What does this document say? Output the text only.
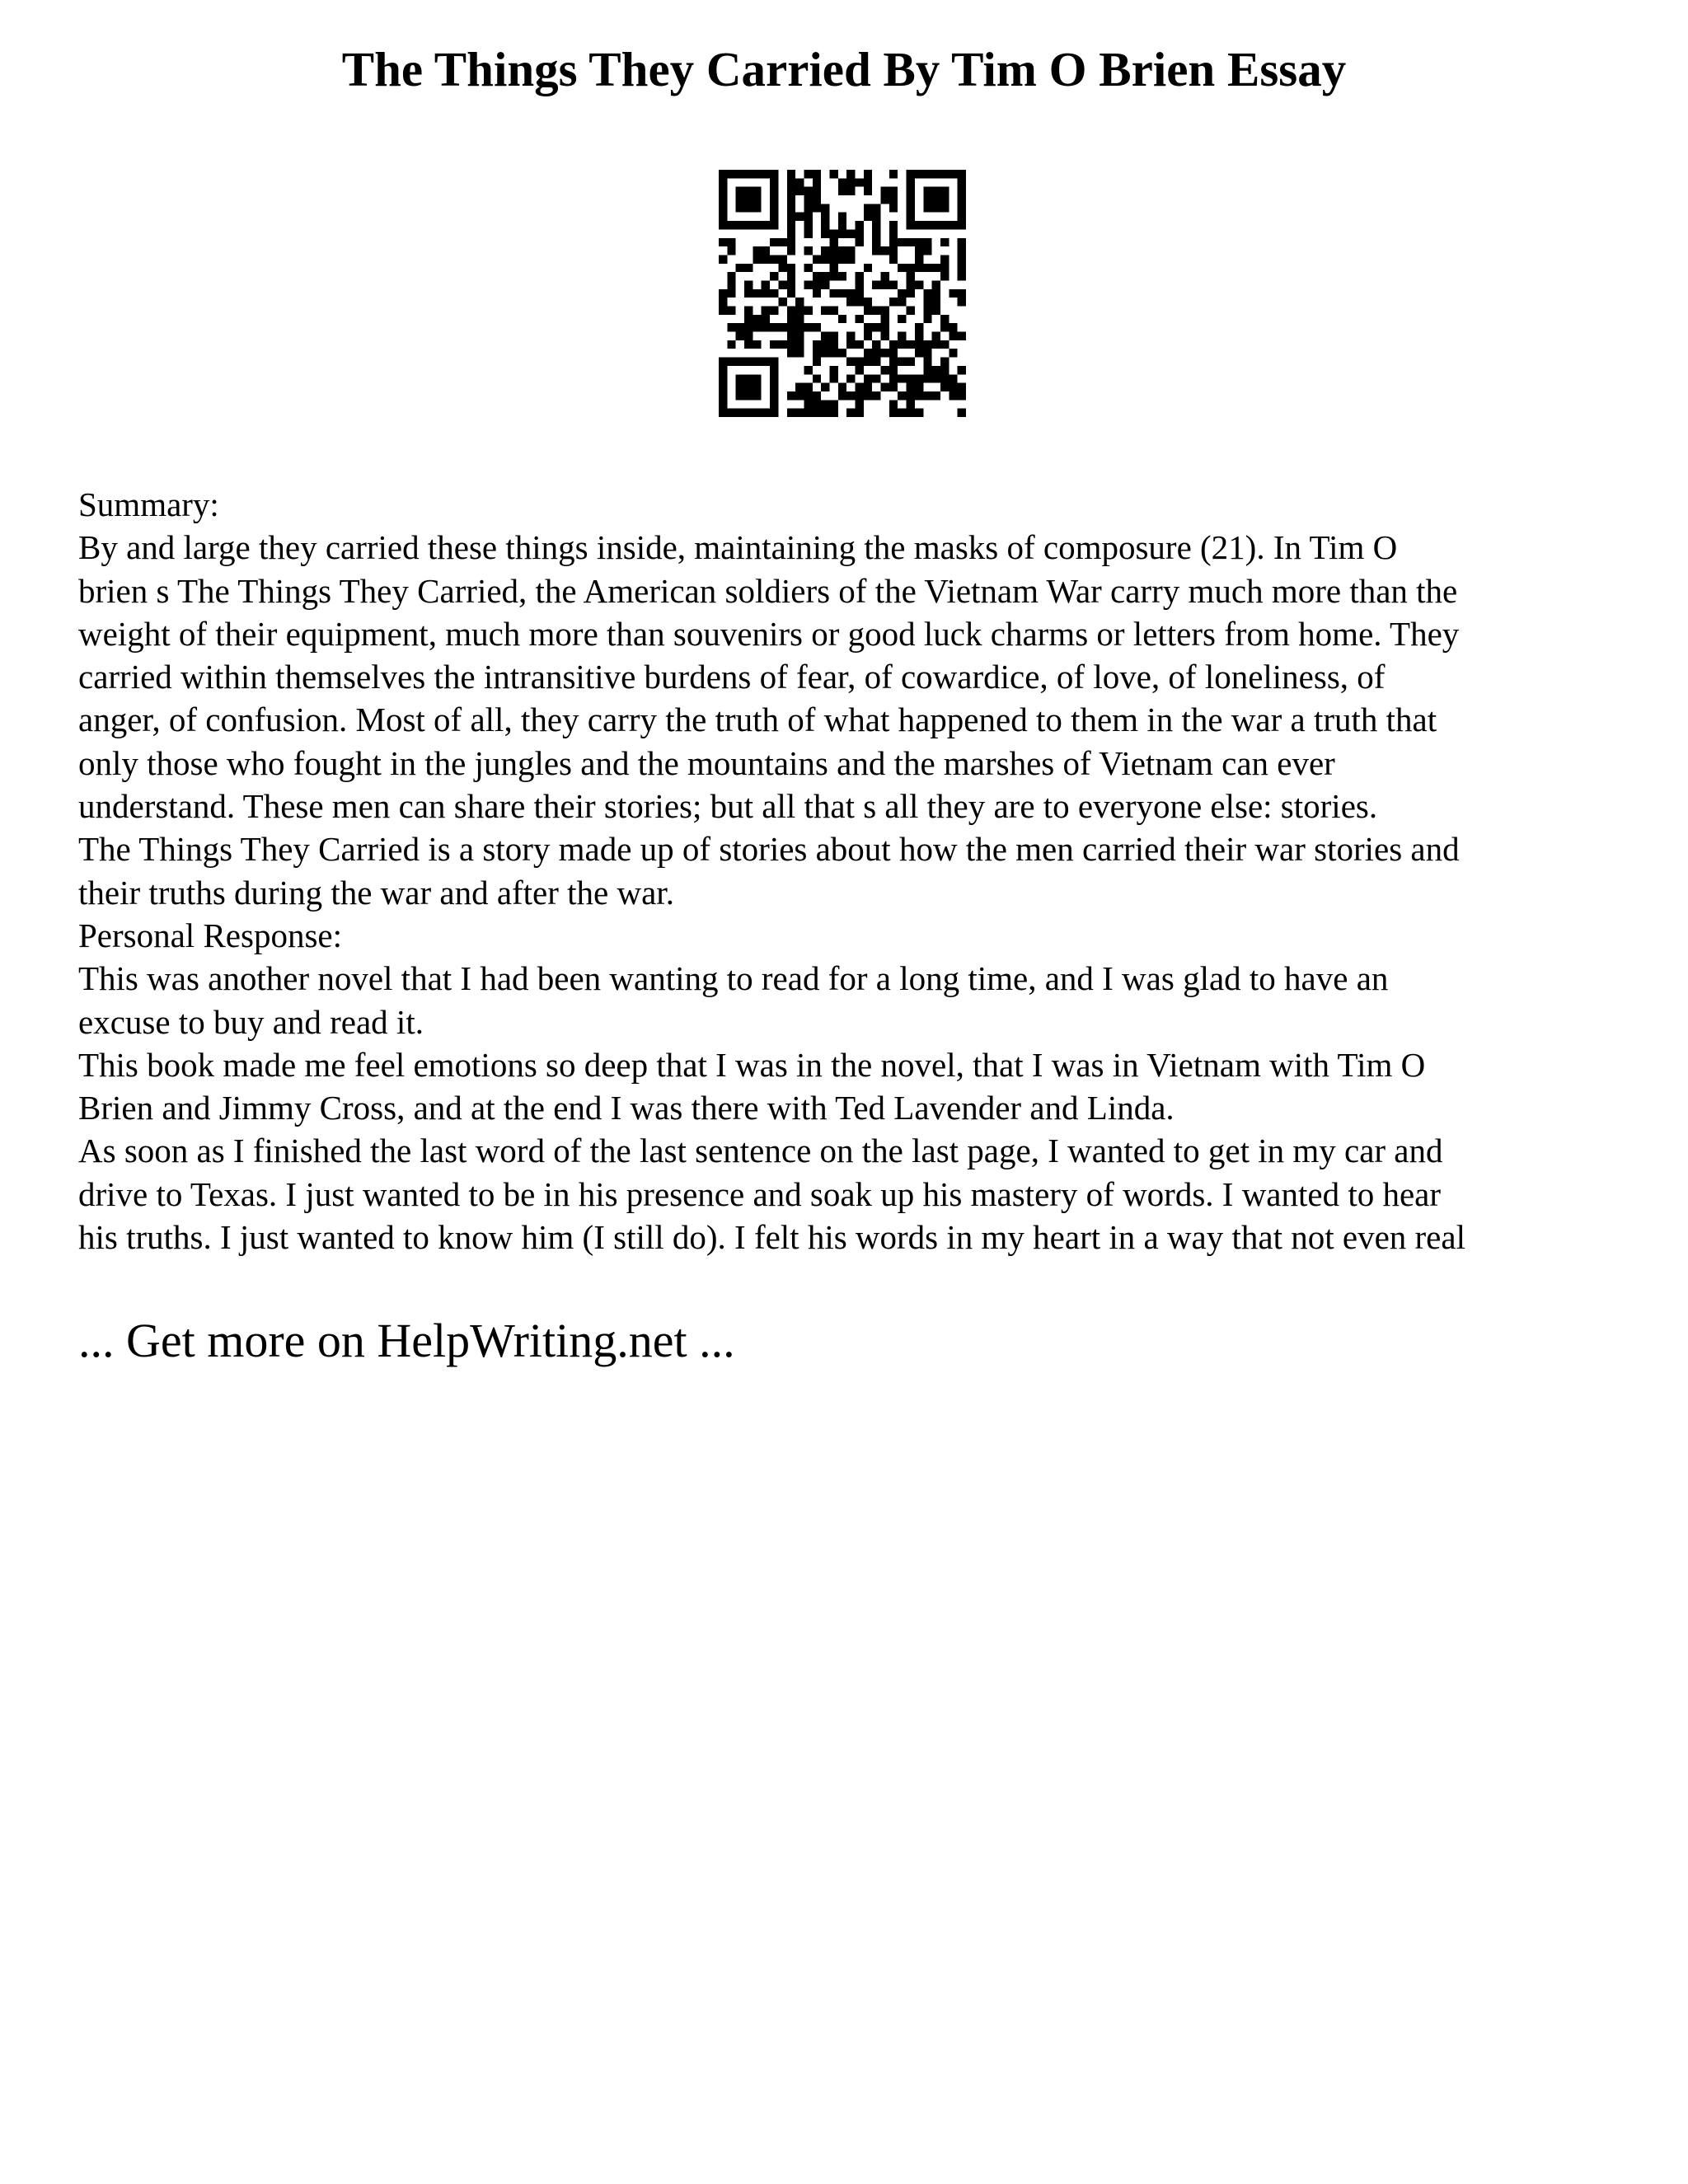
The Things They Carried By Tim O Brien Essay
Summary:
By and large they carried these things inside, maintaining the masks of composure (21). In Tim O
brien s The Things They Carried, the American soldiers of the Vietnam War carry much more than the
weight of their equipment, much more than souvenirs or good luck charms or letters from home. They
carried within themselves the intransitive burdens of fear, of cowardice, of love, of loneliness, of
anger, of confusion. Most of all, they carry the truth of what happened to them in the war a truth that
only those who fought in the jungles and the mountains and the marshes of Vietnam can ever
understand. These men can share their stories; but all that s all they are to everyone else: stories.
The Things They Carried is a story made up of stories about how the men carried their war stories and
their truths during the war and after the war.
Personal Response:
This was another novel that I had been wanting to read for a long time, and I was glad to have an
excuse to buy and read it.
This book made me feel emotions so deep that I was in the novel, that I was in Vietnam with Tim O
Brien and Jimmy Cross, and at the end I was there with Ted Lavender and Linda.
As soon as I finished the last word of the last sentence on the last page, I wanted to get in my car and
drive to Texas. I just wanted to be in his presence and soak up his mastery of words. I wanted to hear
his truths. I just wanted to know him (I still do). I felt his words in my heart in a way that not even real
... Get more on HelpWriting.net ...
